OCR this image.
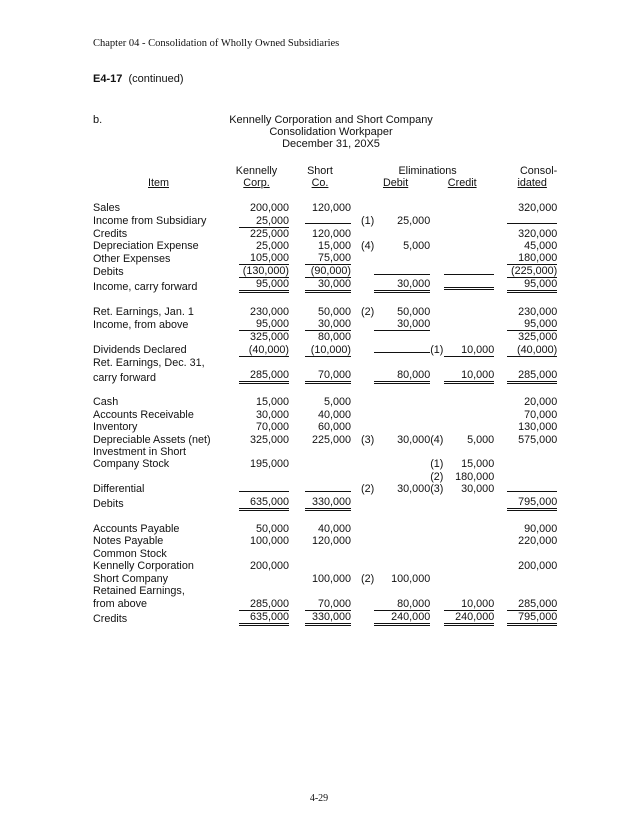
Chapter 04 - Consolidation of Wholly Owned Subsidiaries
E4-17 (continued)
b.	Kennelly Corporation and Short Company
Consolidation Workpaper
December 31, 20X5
	Kennelly	Short		Eliminations				Consol-
Item	Corp.	Co.		Debit		Credit		idated

Sales	200,000	120,000						320,000
Income from Subsidiary	25,000			(1)	25,000			
Credits	225,000	120,000						320,000
Depreciation Expense	25,000	15,000		(4)	5,000			45,000
Other Expenses	105,000	75,000						180,000
Debits	(130,000)	(90,000)						(225,000)
Income, carry forward	95,000	30,000			30,000			95,000

Ret. Earnings, Jan. 1	230,000	50,000		(2)	50,000			230,000
Income, from above	95,000	30,000			30,000			95,000
	325,000	80,000						325,000
Dividends Declared	(40,000)	(10,000)				(1)	10,000	(40,000)
Ret. Earnings, Dec. 31,								
carry forward	285,000	70,000			80,000		10,000	285,000

Cash	15,000	5,000						20,000
Accounts Receivable	30,000	40,000						70,000
Inventory	70,000	60,000						130,000
Depreciable Assets (net)	325,000	225,000		(3)	30,000	(4)	5,000	575,000
Investment in Short								
Company Stock	195,000					(1)	15,000	
						(2)	180,000	
Differential				(2)	30,000	(3)	30,000	
Debits	635,000	330,000						795,000

Accounts Payable	50,000	40,000						90,000
Notes Payable	100,000	120,000						220,000
Common Stock								
Kennelly Corporation	200,000							200,000
Short Company		100,000		(2)	100,000			
Retained Earnings,								
from above	285,000	70,000			80,000		10,000	285,000
Credits	635,000	330,000			240,000		240,000	795,000
4-29
